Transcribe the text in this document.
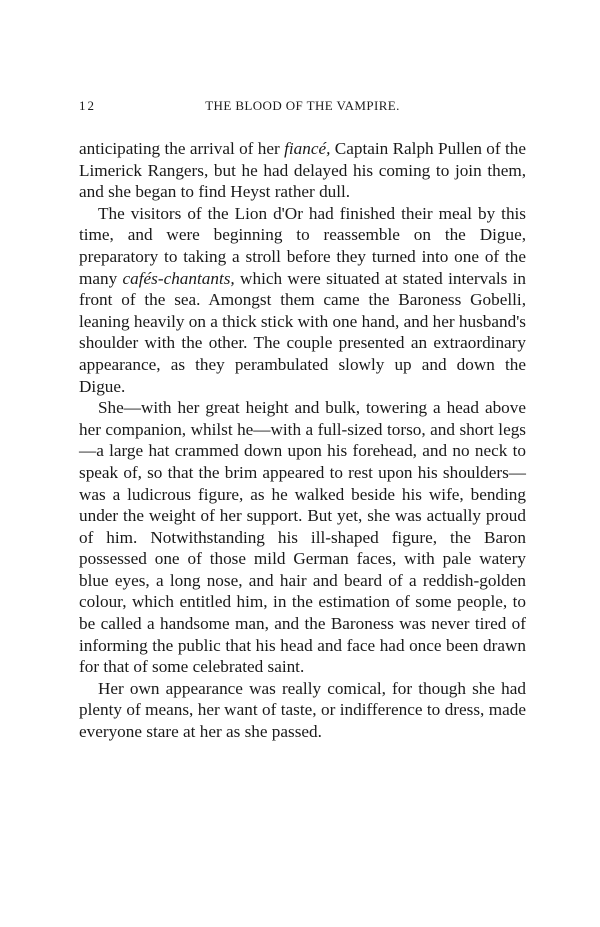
12	THE BLOOD OF THE VAMPIRE.

anticipating the arrival of her fiancé, Captain Ralph Pullen of the Limerick Rangers, but he had delayed his coming to join them, and she began to find Heyst rather dull.

The visitors of the Lion d'Or had finished their meal by this time, and were beginning to reassemble on the Digue, preparatory to taking a stroll before they turned into one of the many cafés-chantants, which were situated at stated intervals in front of the sea. Amongst them came the Baroness Gobelli, leaning heavily on a thick stick with one hand, and her husband's shoulder with the other. The couple presented an extraordinary appearance, as they perambulated slowly up and down the Digue.

She—with her great height and bulk, towering a head above her companion, whilst he—with a full-sized torso, and short legs—a large hat crammed down upon his forehead, and no neck to speak of, so that the brim appeared to rest upon his shoulders—was a ludicrous figure, as he walked beside his wife, bending under the weight of her support. But yet, she was actually proud of him. Notwithstanding his ill-shaped figure, the Baron possessed one of those mild German faces, with pale watery blue eyes, a long nose, and hair and beard of a reddish-golden colour, which entitled him, in the estimation of some people, to be called a handsome man, and the Baroness was never tired of informing the public that his head and face had once been drawn for that of some celebrated saint.

Her own appearance was really comical, for though she had plenty of means, her want of taste, or indifference to dress, made everyone stare at her as she passed.
